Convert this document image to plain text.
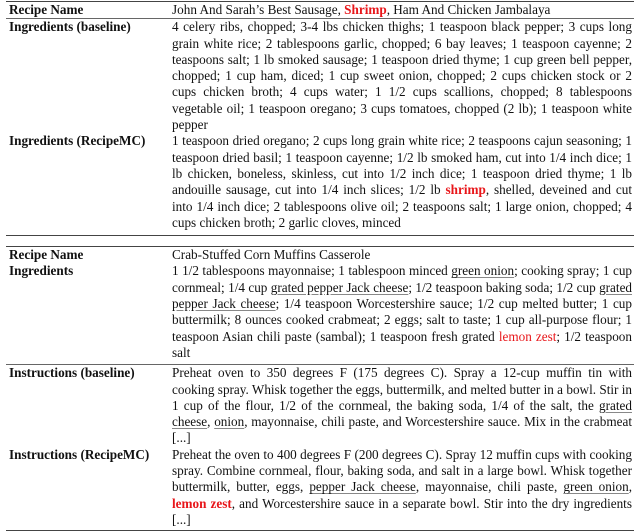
Recipe Name	John And Sarah’s Best Sausage, Shrimp, Ham And Chicken Jambalaya
Ingredients (baseline)	4 celery ribs, chopped; 3-4 lbs chicken thighs; 1 teaspoon black pepper; 3 cups long grain white rice; 2 tablespoons garlic, chopped; 6 bay leaves; 1 teaspoon cayenne; 2 teaspoons salt; 1 lb smoked sausage; 1 teaspoon dried thyme; 1 cup green bell pepper, chopped; 1 cup ham, diced; 1 cup sweet onion, chopped; 2 cups chicken stock or 2 cups chicken broth; 4 cups water; 1 1/2 cups scallions, chopped; 8 tablespoons vegetable oil; 1 teaspoon oregano; 3 cups tomatoes, chopped (2 lb); 1 teaspoon white pepper
Ingredients (RecipeMC)	1 teaspoon dried oregano; 2 cups long grain white rice; 2 teaspoons cajun seasoning; 1 teaspoon dried basil; 1 teaspoon cayenne; 1/2 lb smoked ham, cut into 1/4 inch dice; 1 lb chicken, boneless, skinless, cut into 1/2 inch dice; 1 teaspoon dried thyme; 1 lb andouille sausage, cut into 1/4 inch slices; 1/2 lb shrimp, shelled, deveined and cut into 1/4 inch dice; 2 tablespoons olive oil; 2 teaspoons salt; 1 large onion, chopped; 4 cups chicken broth; 2 garlic cloves, minced
Recipe Name	Crab-Stuffed Corn Muffins Casserole
Ingredients	1 1/2 tablespoons mayonnaise; 1 tablespoon minced green onion; cooking spray; 1 cup cornmeal; 1/4 cup grated pepper Jack cheese; 1/2 teaspoon baking soda; 1/2 cup grated pepper Jack cheese; 1/4 teaspoon Worcestershire sauce; 1/2 cup melted butter; 1 cup buttermilk; 8 ounces cooked crabmeat; 2 eggs; salt to taste; 1 cup all-purpose flour; 1 teaspoon Asian chili paste (sambal); 1 teaspoon fresh grated lemon zest; 1/2 teaspoon salt
Instructions (baseline)	Preheat oven to 350 degrees F (175 degrees C). Spray a 12-cup muffin tin with cooking spray. Whisk together the eggs, buttermilk, and melted butter in a bowl. Stir in 1 cup of the flour, 1/2 of the cornmeal, the baking soda, 1/4 of the salt, the grated cheese, onion, mayonnaise, chili paste, and Worcestershire sauce. Mix in the crabmeat [...]
Instructions (RecipeMC)	Preheat the oven to 400 degrees F (200 degrees C). Spray 12 muffin cups with cooking spray. Combine cornmeal, flour, baking soda, and salt in a large bowl. Whisk together buttermilk, butter, eggs, pepper Jack cheese, mayonnaise, chili paste, green onion, lemon zest, and Worcestershire sauce in a separate bowl. Stir into the dry ingredients [...]
